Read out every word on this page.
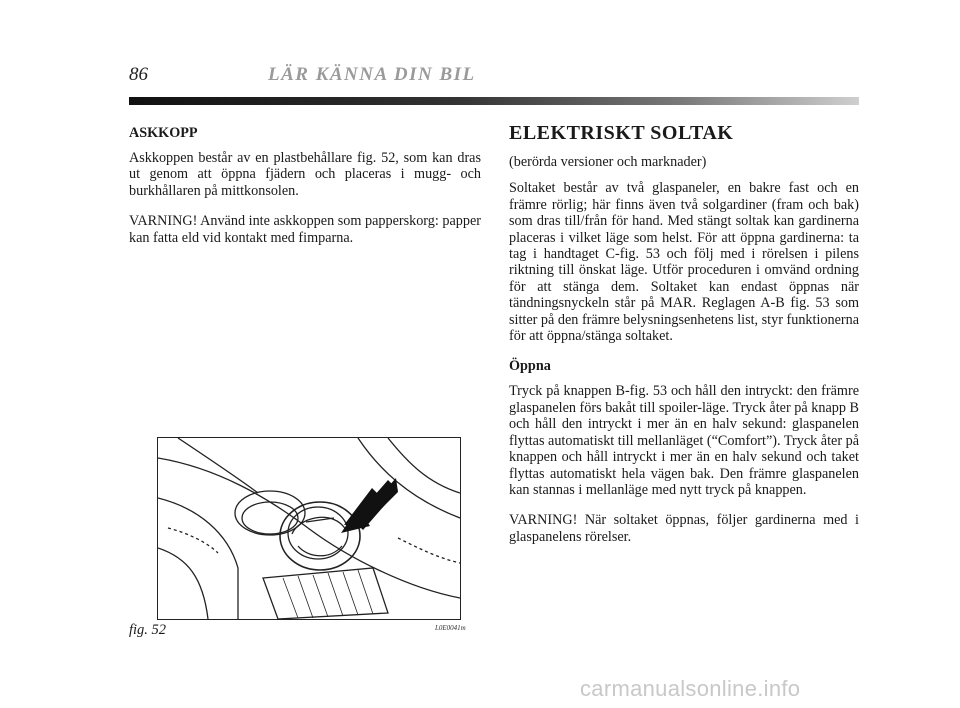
86	LÄR KÄNNA DIN BIL

ASKKOPP

Askkoppen består av en plastbehållare fig. 52, som kan dras ut genom att öppna fjädern och placeras i mugg- och burkhållaren på mittkonsolen.

VARNING! Använd inte askkoppen som papperskorg: papper kan fatta eld vid kontakt med fimparna.

fig. 52	L0E0041m

ELEKTRISKT SOLTAK

(berörda versioner och marknader)

Soltaket består av två glaspaneler, en bakre fast och en främre rörlig; här finns även två solgardiner (fram och bak) som dras till/från för hand. Med stängt soltak kan gardinerna placeras i vilket läge som helst. För att öppna gardinerna: ta tag i handtaget C-fig. 53 och följ med i rörelsen i pilens riktning till önskat läge. Utför proceduren i omvänd ordning för att stänga dem. Soltaket kan endast öppnas när tändningsnyckeln står på MAR. Reglagen A-B fig. 53 som sitter på den främre belysningsenhetens list, styr funktionerna för att öppna/stänga soltaket.

Öppna

Tryck på knappen B-fig. 53 och håll den intryckt: den främre glaspanelen förs bakåt till spoiler-läge. Tryck åter på knapp B och håll den intryckt i mer än en halv sekund: glaspanelen flyttas automatiskt till mellanläget (“Comfort”). Tryck åter på knappen och håll intryckt i mer än en halv sekund och taket flyttas automatiskt hela vägen bak. Den främre glaspanelen kan stannas i mellanläge med nytt tryck på knappen.

VARNING! När soltaket öppnas, följer gardinerna med i glaspanelens rörelser.

carmanualsonline.info
